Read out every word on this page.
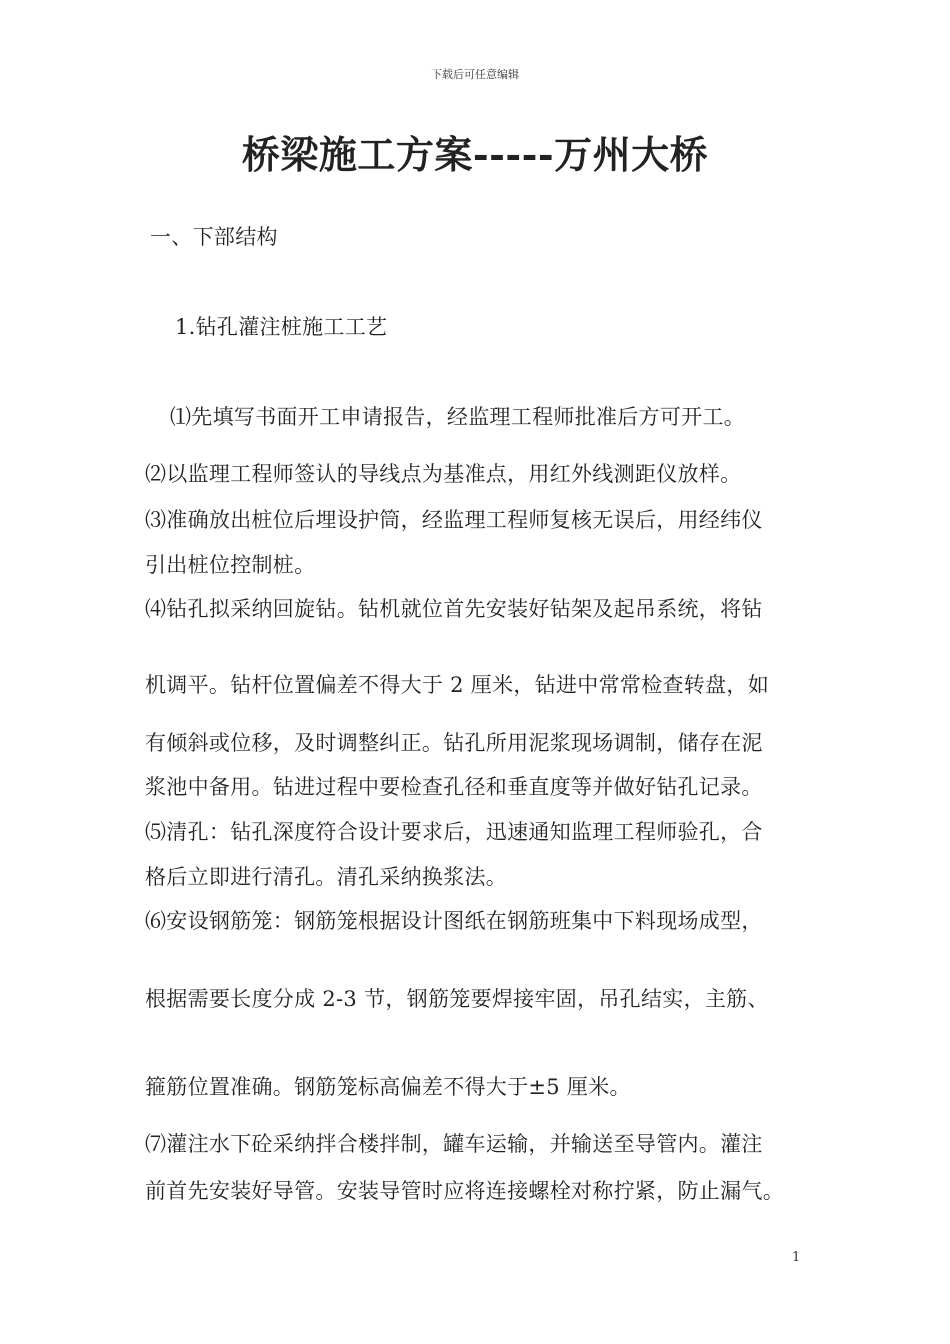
下载后可任意编辑
桥梁施工方案-----万州大桥
一、下部结构
1.钻孔灌注桩施工工艺
⑴先填写书面开工申请报告，经监理工程师批准后方可开工。
⑵以监理工程师签认的导线点为基准点，用红外线测距仪放样。
⑶准确放出桩位后埋设护筒，经监理工程师复核无误后，用经纬仪
引出桩位控制桩。
⑷钻孔拟采纳回旋钻。钻机就位首先安装好钻架及起吊系统，将钻
机调平。钻杆位置偏差不得大于 2 厘米，钻进中常常检查转盘，如
有倾斜或位移，及时调整纠正。钻孔所用泥浆现场调制，储存在泥
浆池中备用。钻进过程中要检查孔径和垂直度等并做好钻孔记录。
⑸清孔：钻孔深度符合设计要求后，迅速通知监理工程师验孔，合
格后立即进行清孔。清孔采纳换浆法。
⑹安设钢筋笼：钢筋笼根据设计图纸在钢筋班集中下料现场成型，
根据需要长度分成 2-3 节，钢筋笼要焊接牢固，吊孔结实，主筋、
箍筋位置准确。钢筋笼标高偏差不得大于±5 厘米。
⑺灌注水下砼采纳拌合楼拌制，罐车运输，并输送至导管内。灌注
前首先安装好导管。安装导管时应将连接螺栓对称拧紧，防止漏气。
1
